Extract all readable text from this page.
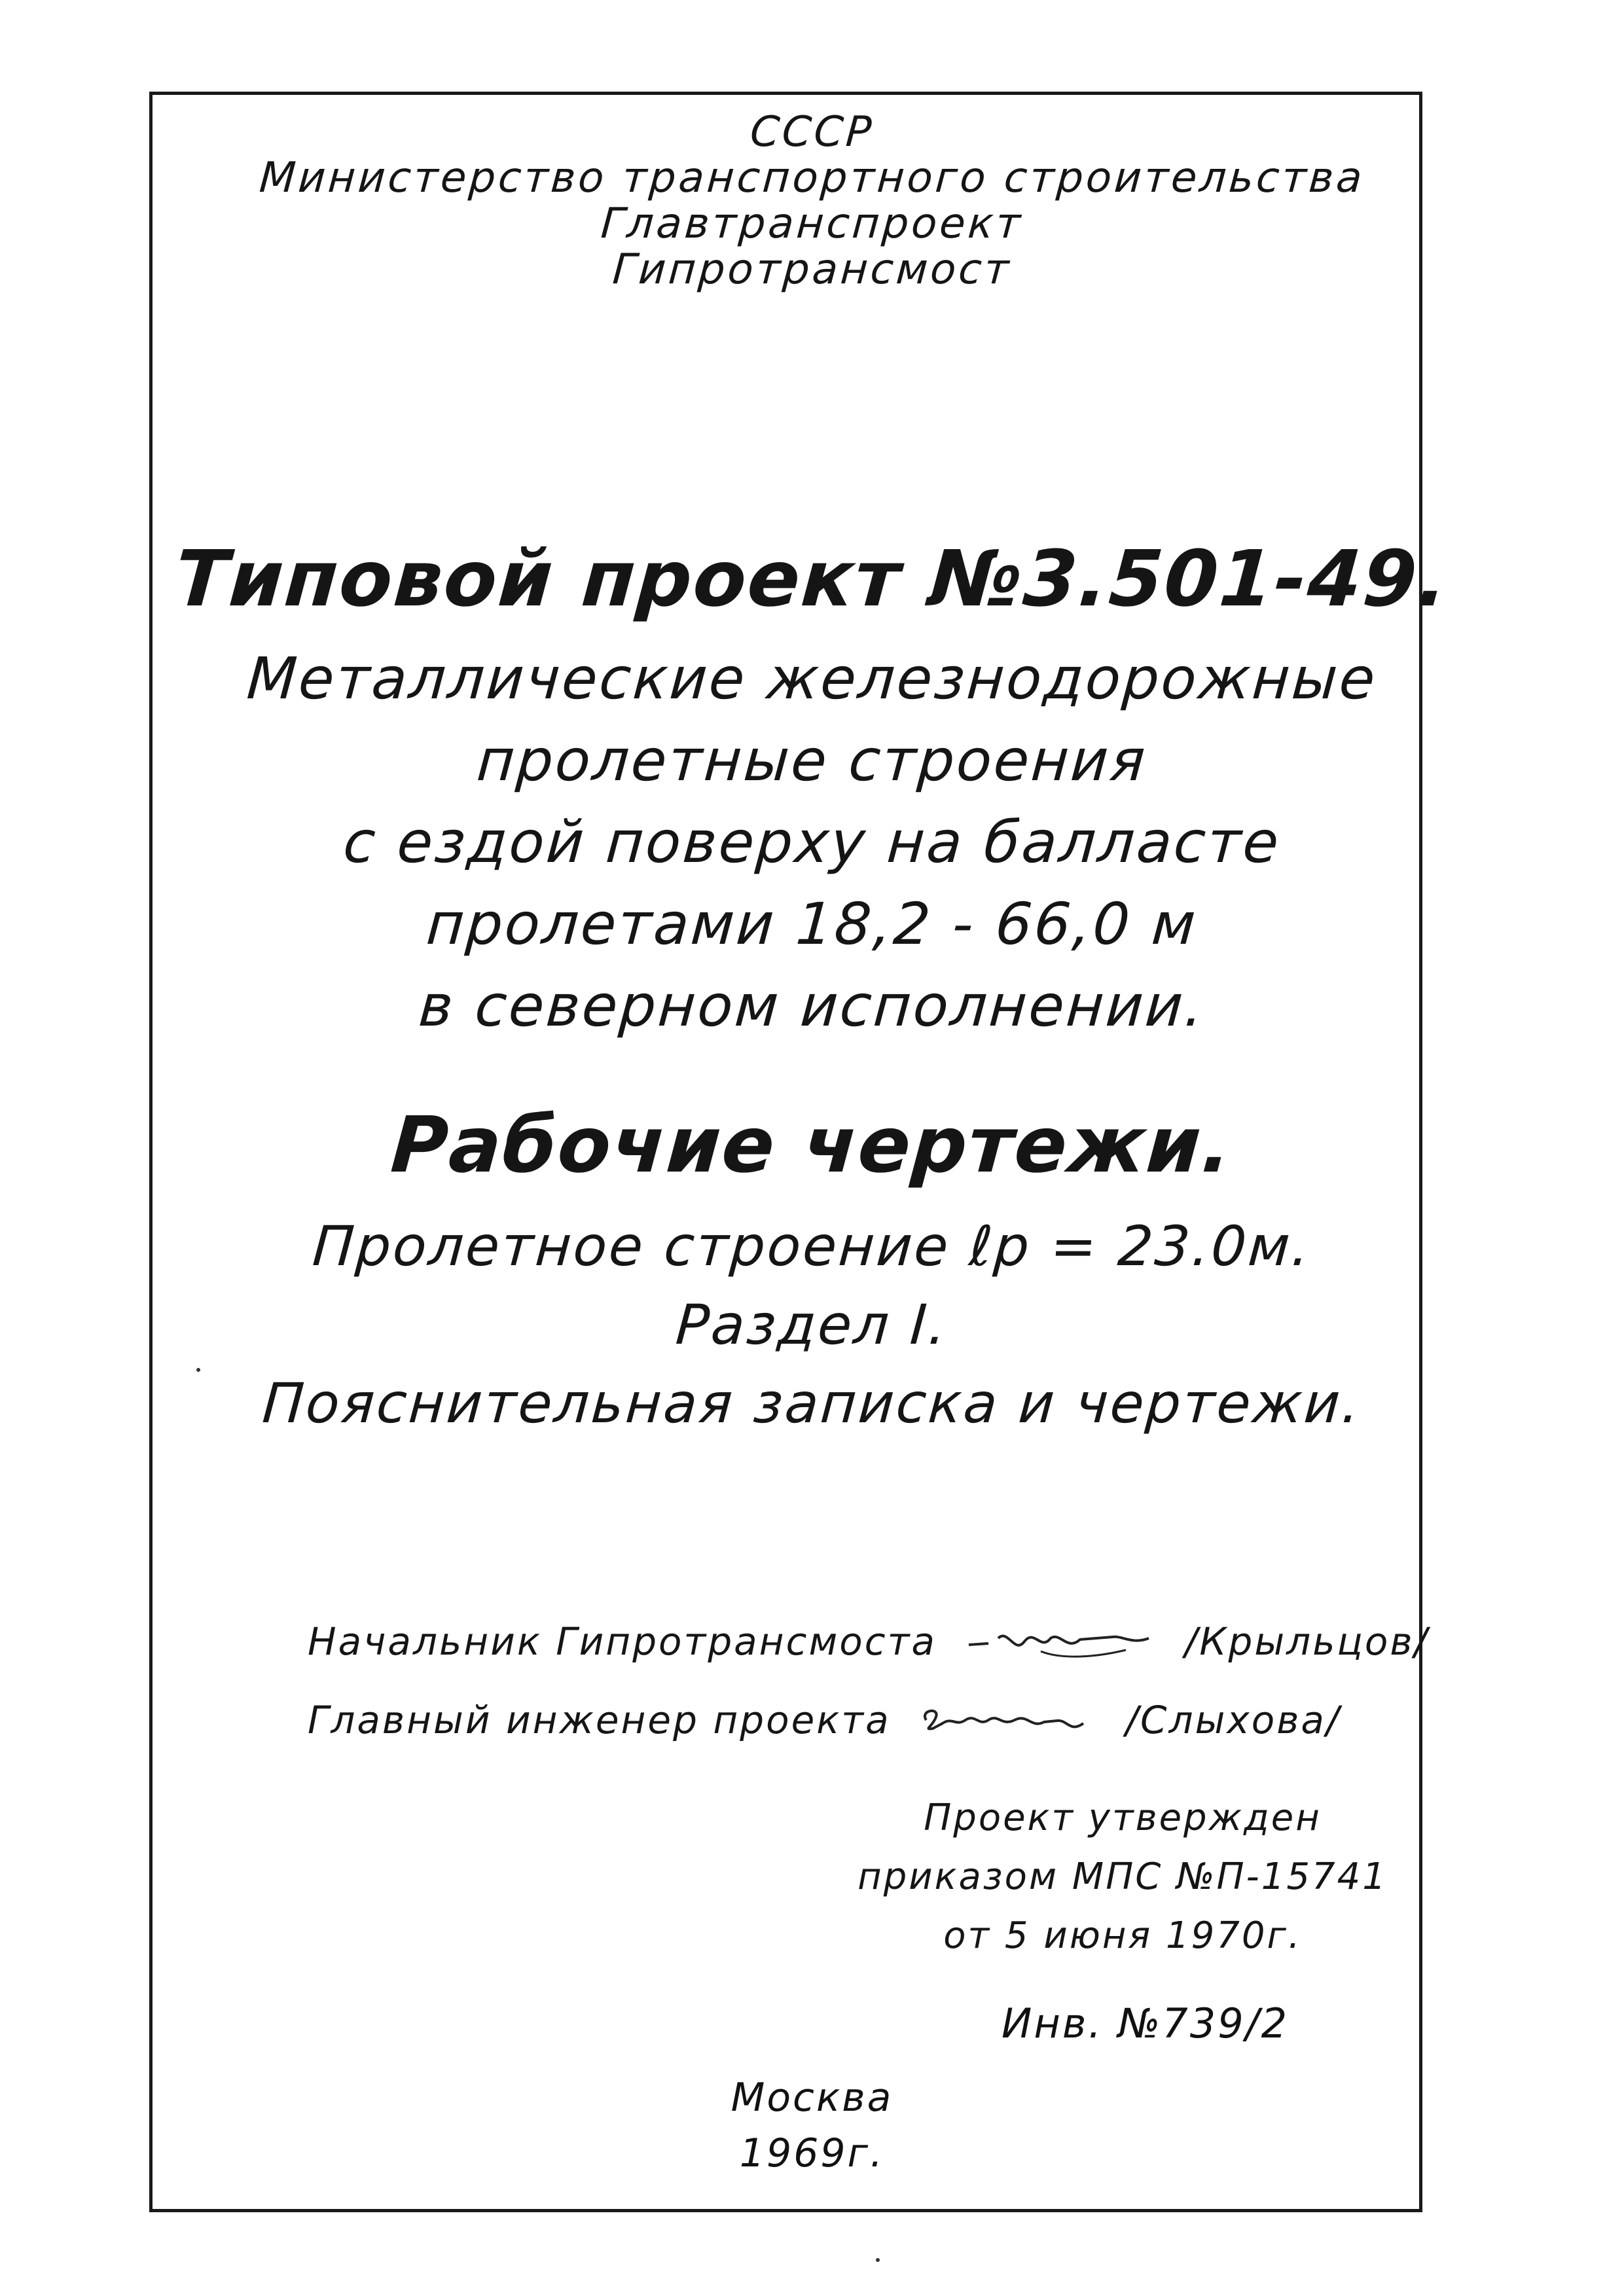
СССР
Министерство транспортного строительства
Главтранспроект
Гипротрансмост
Типовой проект №3.501-49.
Металлические железнодорожные
пролетные строения
с ездой поверху на балласте
пролетами 18,2 - 66,0 м
в северном исполнении.
Рабочие чертежи.
Пролетное строение ℓр = 23.0м.
Раздел I.
Пояснительная записка и чертежи.
Начальник Гипротрансмоста	/Крыльцов/
Главный инженер проекта	/Слыхова/
Проект утвержден
приказом МПС №П-15741
от 5 июня 1970г.
Инв. №739/2
Москва
1969г.
